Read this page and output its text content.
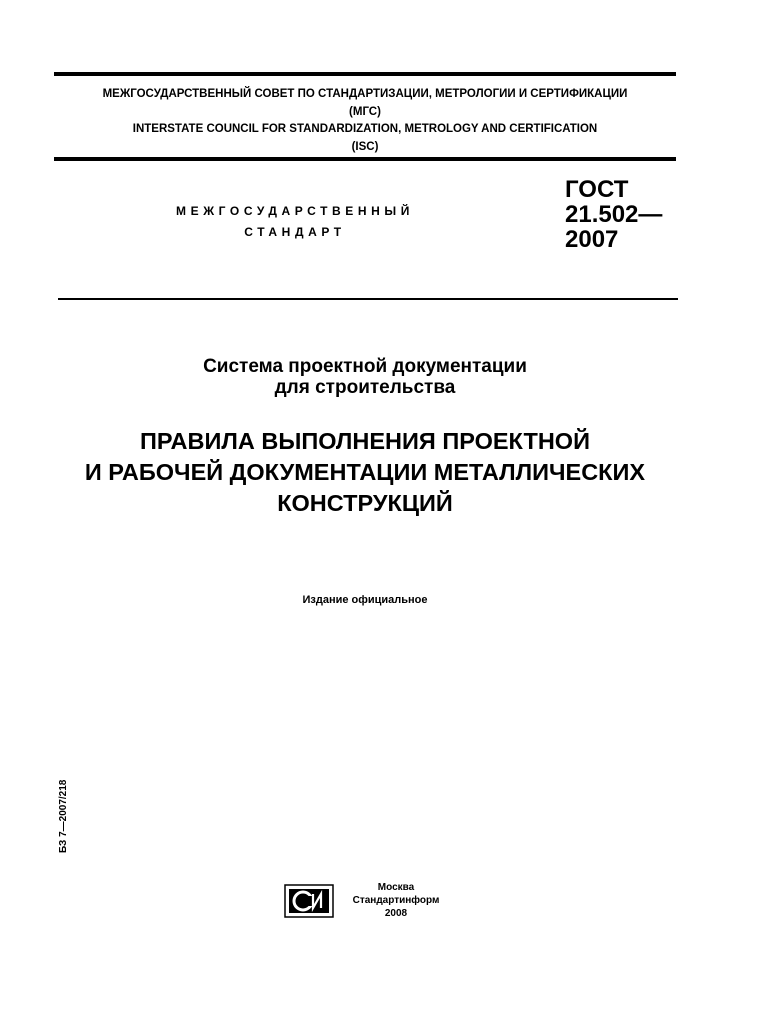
МЕЖГОСУДАРСТВЕННЫЙ СОВЕТ ПО СТАНДАРТИЗАЦИИ, МЕТРОЛОГИИ И СЕРТИФИКАЦИИ
(МГС)
INTERSTATE COUNCIL FOR STANDARDIZATION, METROLOGY AND CERTIFICATION
(ISC)
МЕЖГОСУДАРСТВЕННЫЙ
СТАНДАРТ
ГОСТ
21.502—
2007
Система проектной документации
для строительства
ПРАВИЛА ВЫПОЛНЕНИЯ ПРОЕКТНОЙ
И РАБОЧЕЙ ДОКУМЕНТАЦИИ МЕТАЛЛИЧЕСКИХ
КОНСТРУКЦИЙ
Издание официальное
БЗ 7—2007/218
Москва
Стандартинформ
2008
